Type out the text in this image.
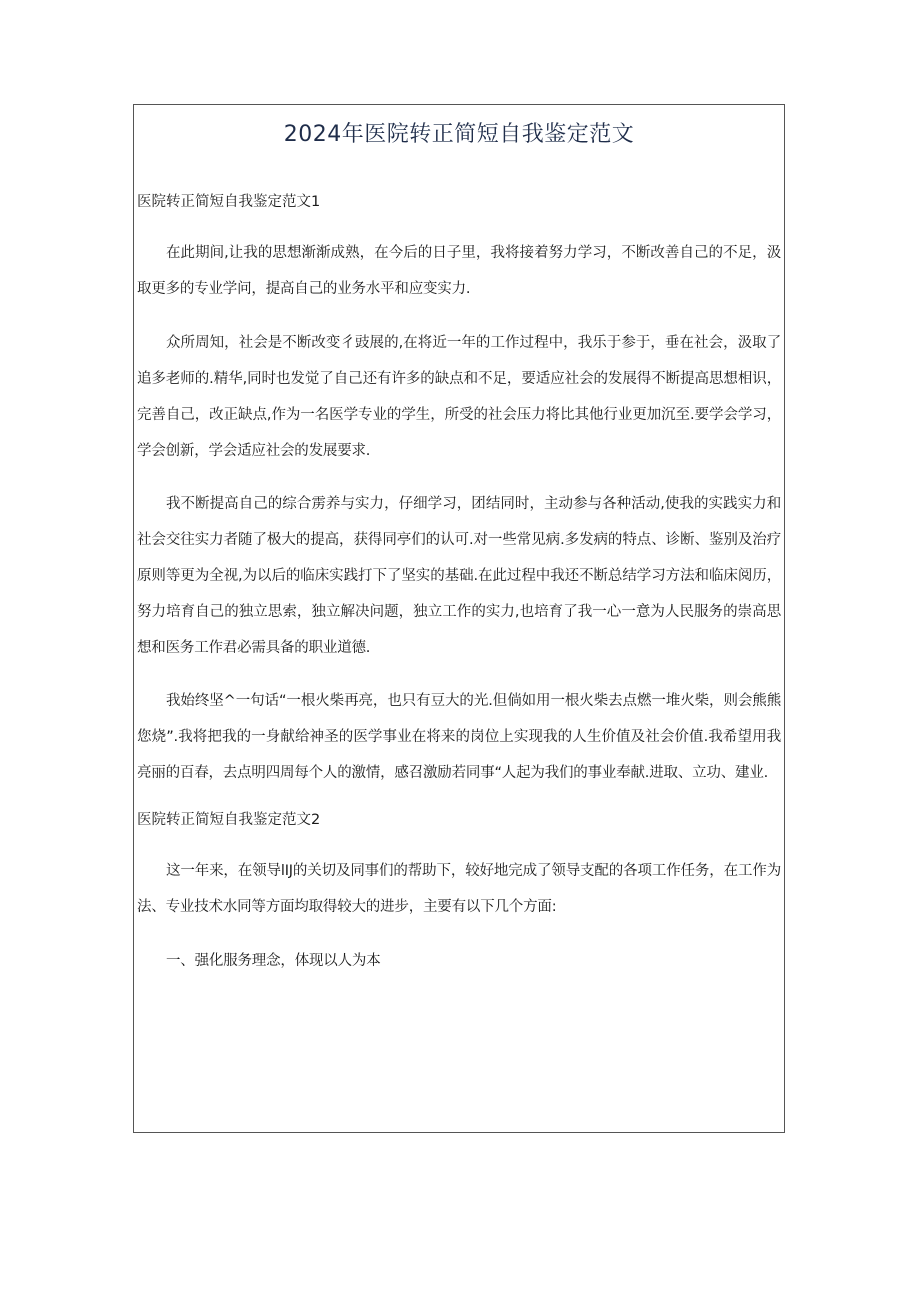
2024年医院转正简短自我鉴定范文

医院转正简短自我鉴定范文1

在此期间,让我的思想渐渐成熟，在今后的日子里，我将接着努力学习，不断改善自己的不足，汲取更多的专业学问，提高自己的业务水平和应变实力.

众所周知，社会是不断改变彳豉展的,在将近一年的工作过程中，我乐于参于，垂在社会，汲取了追多老师的.精华,同时也发觉了自己还有许多的缺点和不足，要适应社会的发展得不断提高思想相识，完善自己，改正缺点,作为一名医学专业的学生，所受的社会压力将比其他行业更加沉至.要学会学习，学会创新，学会适应社会的发展要求.

我不断提高自己的综合雳养与实力，仔细学习，团结同时，主动参与各种活动,使我的实践实力和社会交往实力者随了极大的提高，获得同亭们的认可.对一些常见病.多发病的特点、诊断、鉴别及治疗原则等更为全视,为以后的临床实践打下了坚实的基础.在此过程中我还不断总结学习方法和临床阅历，努力培育自己的独立思索，独立解决问题，独立工作的实力,也培育了我一心一意为人民服务的崇高思想和医务工作君必需具备的职业道德.

我始终坚^一句话“一根火柴再亮，也只有豆大的光.但倘如用一根火柴去点燃一堆火柴，则会熊熊您烧”.我将把我的一身献给神圣的医学事业在将来的岗位上实现我的人生价值及社会价值.我希望用我亮丽的百春，去点明四周每个人的激情，感召激励若同事“人起为我们的事业奉献.进取、立功、建业.

医院转正简短自我鉴定范文2

这一年来，在领导lIJ的关切及同事们的帮助下，较好地完成了领导支配的各项工作任务，在工作为法、专业技术水同等方面均取得较大的进步，主要有以下几个方面:

一、强化服务理念，体现以人为本
